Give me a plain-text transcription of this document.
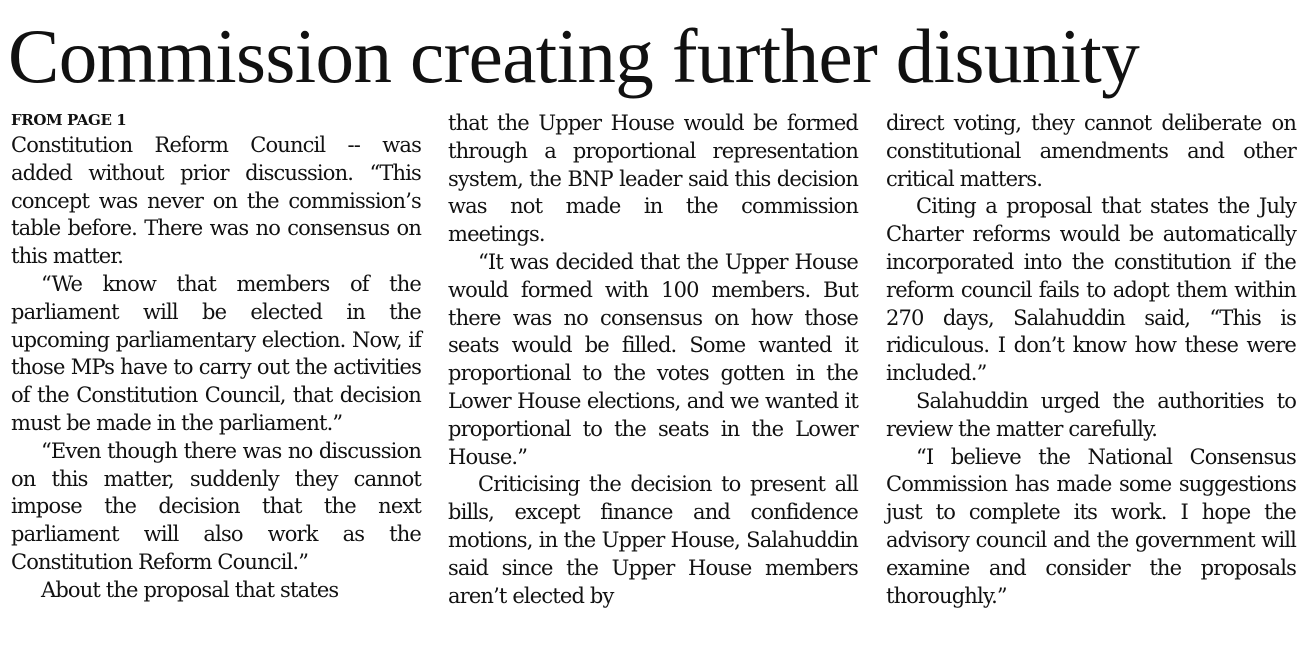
Commission creating further disunity

FROM PAGE 1

Constitution Reform Council -- was added without prior discussion. “This concept was never on the commission’s table before. There was no consensus on this matter.

“We know that members of the parliament will be elected in the upcoming parliamentary election. Now, if those MPs have to carry out the activities of the Constitution Council, that decision must be made in the parliament.”

“Even though there was no discussion on this matter, suddenly they cannot impose the decision that the next parliament will also work as the Constitution Reform Council.”

About the proposal that states

that the Upper House would be formed through a proportional representation system, the BNP leader said this decision was not made in the commission meetings.

“It was decided that the Upper House would formed with 100 members. But there was no consensus on how those seats would be filled. Some wanted it proportional to the votes gotten in the Lower House elections, and we wanted it proportional to the seats in the Lower House.”

Criticising the decision to present all bills, except finance and confidence motions, in the Upper House, Salahuddin said since the Upper House members aren’t elected by

direct voting, they cannot deliberate on constitutional amendments and other critical matters.

Citing a proposal that states the July Charter reforms would be automatically incorporated into the constitution if the reform council fails to adopt them within 270 days, Salahuddin said, “This is ridiculous. I don’t know how these were included.”

Salahuddin urged the authorities to review the matter carefully.

“I believe the National Consensus Commission has made some suggestions just to complete its work. I hope the advisory council and the government will examine and consider the proposals thoroughly.”
